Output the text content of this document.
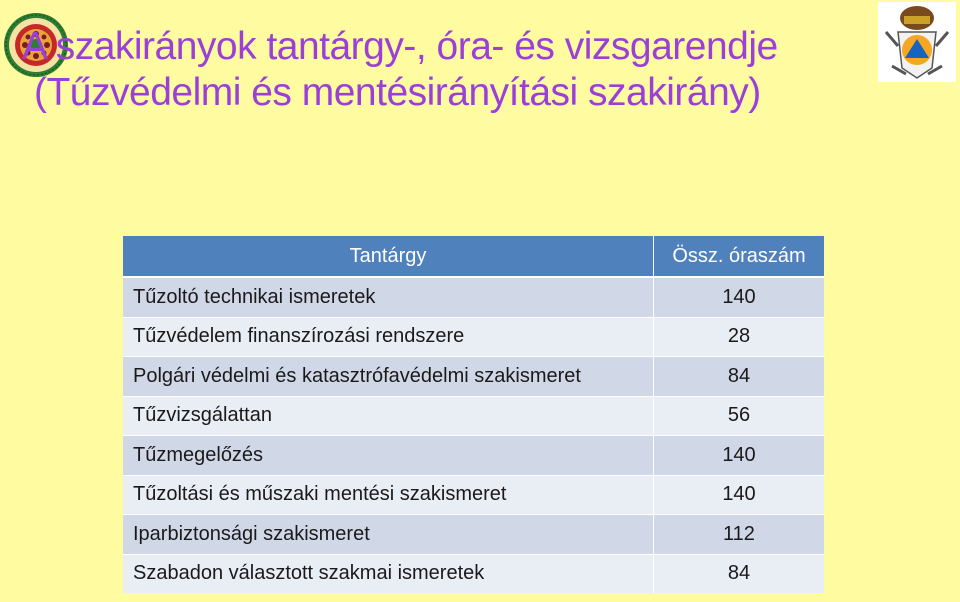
A szakirányok tantárgy-, óra- és vizsgarendje
(Tűzvédelmi és mentésirányítási szakirány)
Tantárgy	Össz. óraszám
Tűzoltó technikai ismeretek	140
Tűzvédelem finanszírozási rendszere	28
Polgári védelmi és katasztrófavédelmi szakismeret	84
Tűzvizsgálattan	56
Tűzmegelőzés	140
Tűzoltási és műszaki mentési szakismeret	140
Iparbiztonsági szakismeret	112
Szabadon választott szakmai ismeretek	84
